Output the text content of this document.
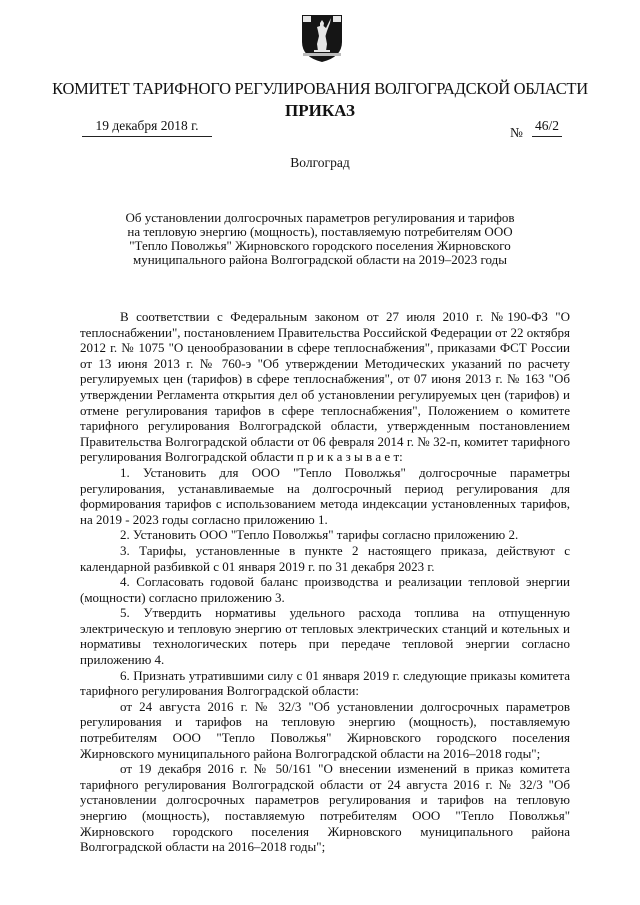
КОМИТЕТ ТАРИФНОГО РЕГУЛИРОВАНИЯ ВОЛГОГРАДСКОЙ ОБЛАСТИ
ПРИКАЗ
19 декабря 2018 г.	№ 46/2
Волгоград
Об установлении долгосрочных параметров регулирования и тарифов на тепловую энергию (мощность), поставляемую потребителям ООО "Тепло Поволжья" Жирновского городского поселения Жирновского муниципального района Волгоградской области на 2019–2023 годы

В соответствии с Федеральным законом от 27 июля 2010 г. №190-ФЗ "О теплоснабжении", постановлением Правительства Российской Федерации от 22 октября 2012 г. № 1075 "О ценообразовании в сфере теплоснабжения", приказами ФСТ России от 13 июня 2013 г. № 760-э "Об утверждении Методических указаний по расчету регулируемых цен (тарифов) в сфере теплоснабжения", от 07 июня 2013 г. № 163 "Об утверждении Регламента открытия дел об установлении регулируемых цен (тарифов) и отмене регулирования тарифов в сфере теплоснабжения", Положением о комитете тарифного регулирования Волгоградской области, утвержденным постановлением Правительства Волгоградской области от 06 февраля 2014 г. № 32-п, комитет тарифного регулирования Волгоградской области п р и к а з ы в а е т:

1. Установить для ООО "Тепло Поволжья" долгосрочные параметры регулирования, устанавливаемые на долгосрочный период регулирования для формирования тарифов с использованием метода индексации установленных тарифов, на 2019 - 2023 годы согласно приложению 1.

2. Установить ООО "Тепло Поволжья" тарифы согласно приложению 2.

3. Тарифы, установленные в пункте 2 настоящего приказа, действуют с календарной разбивкой с 01 января 2019 г. по 31 декабря 2023 г.

4. Согласовать годовой баланс производства и реализации тепловой энергии (мощности) согласно приложению 3.

5. Утвердить нормативы удельного расхода топлива на отпущенную электрическую и тепловую энергию от тепловых электрических станций и котельных и нормативы технологических потерь при передаче тепловой энергии согласно приложению 4.

6. Признать утратившими силу с 01 января 2019 г. следующие приказы комитета тарифного регулирования Волгоградской области:

от 24 августа 2016 г. № 32/3 "Об установлении долгосрочных параметров регулирования и тарифов на тепловую энергию (мощность), поставляемую потребителям ООО "Тепло Поволжья" Жирновского городского поселения Жирновского муниципального района Волгоградской области на 2016–2018 годы";

от 19 декабря 2016 г. № 50/161 "О внесении изменений в приказ комитета тарифного регулирования Волгоградской области от 24 августа 2016 г. № 32/3 "Об установлении долгосрочных параметров регулирования и тарифов на тепловую энергию (мощность), поставляемую потребителям ООО "Тепло Поволжья" Жирновского городского поселения Жирновского муниципального района Волгоградской области на 2016–2018 годы";
